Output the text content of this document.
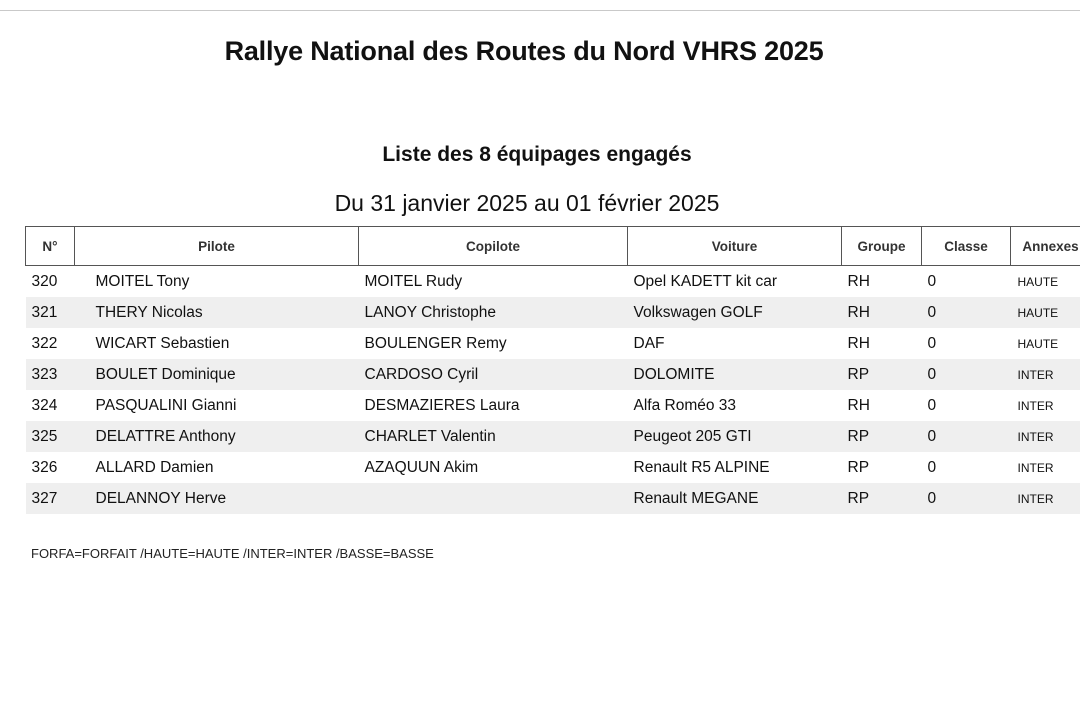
Rallye National des Routes du Nord VHRS 2025
Liste des 8 équipages engagés
Du 31 janvier 2025 au 01 février 2025
N°	Pilote	Copilote	Voiture	Groupe	Classe	Annexes
320	MOITEL Tony	MOITEL Rudy	Opel KADETT kit car	RH	0	HAUTE
321	THERY Nicolas	LANOY Christophe	Volkswagen GOLF	RH	0	HAUTE
322	WICART Sebastien	BOULENGER Remy	DAF	RH	0	HAUTE
323	BOULET Dominique	CARDOSO Cyril	DOLOMITE	RP	0	INTER
324	PASQUALINI Gianni	DESMAZIERES Laura	Alfa Roméo 33	RH	0	INTER
325	DELATTRE Anthony	CHARLET Valentin	Peugeot 205 GTI	RP	0	INTER
326	ALLARD Damien	AZAQUUN Akim	Renault R5 ALPINE	RP	0	INTER
327	DELANNOY Herve		Renault MEGANE	RP	0	INTER
FORFA=FORFAIT /HAUTE=HAUTE /INTER=INTER /BASSE=BASSE
